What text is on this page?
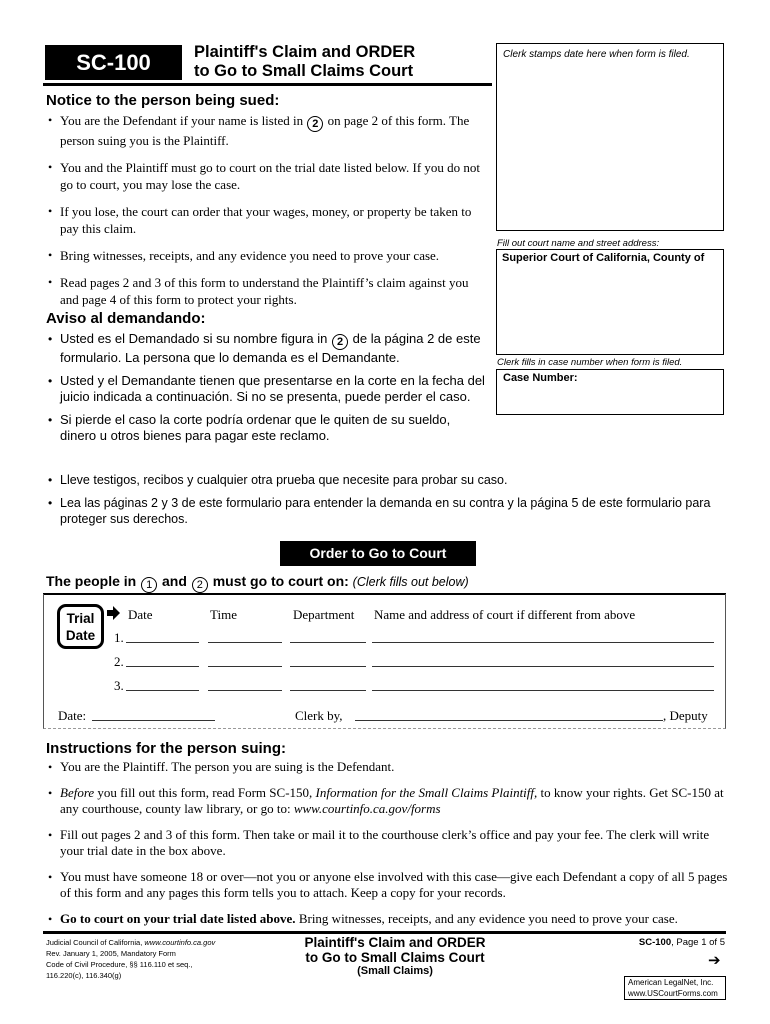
SC-100	Plaintiff's Claim and ORDER
to Go to Small Claims Court
Clerk stamps date here when form is filed.
Fill out court name and street address:
Superior Court of California, County of
Clerk fills in case number when form is filed.
Case Number:
Notice to the person being sued:
• You are the Defendant if your name is listed in 2 on page 2 of this form. The person suing you is the Plaintiff.
• You and the Plaintiff must go to court on the trial date listed below. If you do not go to court, you may lose the case.
• If you lose, the court can order that your wages, money, or property be taken to pay this claim.
• Bring witnesses, receipts, and any evidence you need to prove your case.
• Read pages 2 and 3 of this form to understand the Plaintiff’s claim against you and page 4 of this form to protect your rights.
Aviso al demandando:
• Usted es el Demandado si su nombre figura in 2 de la página 2 de este formulario. La persona que lo demanda es el Demandante.
• Usted y el Demandante tienen que presentarse en la corte en la fecha del juicio indicada a continuación. Si no se presenta, puede perder el caso.
• Si pierde el caso la corte podría ordenar que le quiten de su sueldo, dinero u otros bienes para pagar este reclamo.
• Lleve testigos, recibos y cualquier otra prueba que necesite para probar su caso.
• Lea las páginas 2 y 3 de este formulario para entender la demanda en su contra y la página 5 de este formulario para proteger sus derechos.
Order to Go to Court
The people in 1 and 2 must go to court on: (Clerk fills out below)
Trial
Date
Date	Time	Department Name and address of court if different from above
1.
2.
3.
Date:	Clerk by,	, Deputy
Instructions for the person suing:
• You are the Plaintiff. The person you are suing is the Defendant.
• Before you fill out this form, read Form SC-150, Information for the Small Claims Plaintiff, to know your rights. Get SC-150 at any courthouse, county law library, or go to: www.courtinfo.ca.gov/forms
• Fill out pages 2 and 3 of this form. Then take or mail it to the courthouse clerk’s office and pay your fee. The clerk will write your trial date in the box above.
• You must have someone 18 or over—not you or anyone else involved with this case—give each Defendant a copy of all 5 pages of this form and any pages this form tells you to attach. Keep a copy for your records.
• Go to court on your trial date listed above. Bring witnesses, receipts, and any evidence you need to prove your case.
Judicial Council of California, www.courtinfo.ca.gov
Rev. January 1, 2005, Mandatory Form
Code of Civil Procedure, §§ 116.110 et seq.,
116.220(c), 116.340(g)
Plaintiff's Claim and ORDER
to Go to Small Claims Court
(Small Claims)
SC-100, Page 1 of 5
➔
American LegalNet, Inc.
www.USCourtForms.com
